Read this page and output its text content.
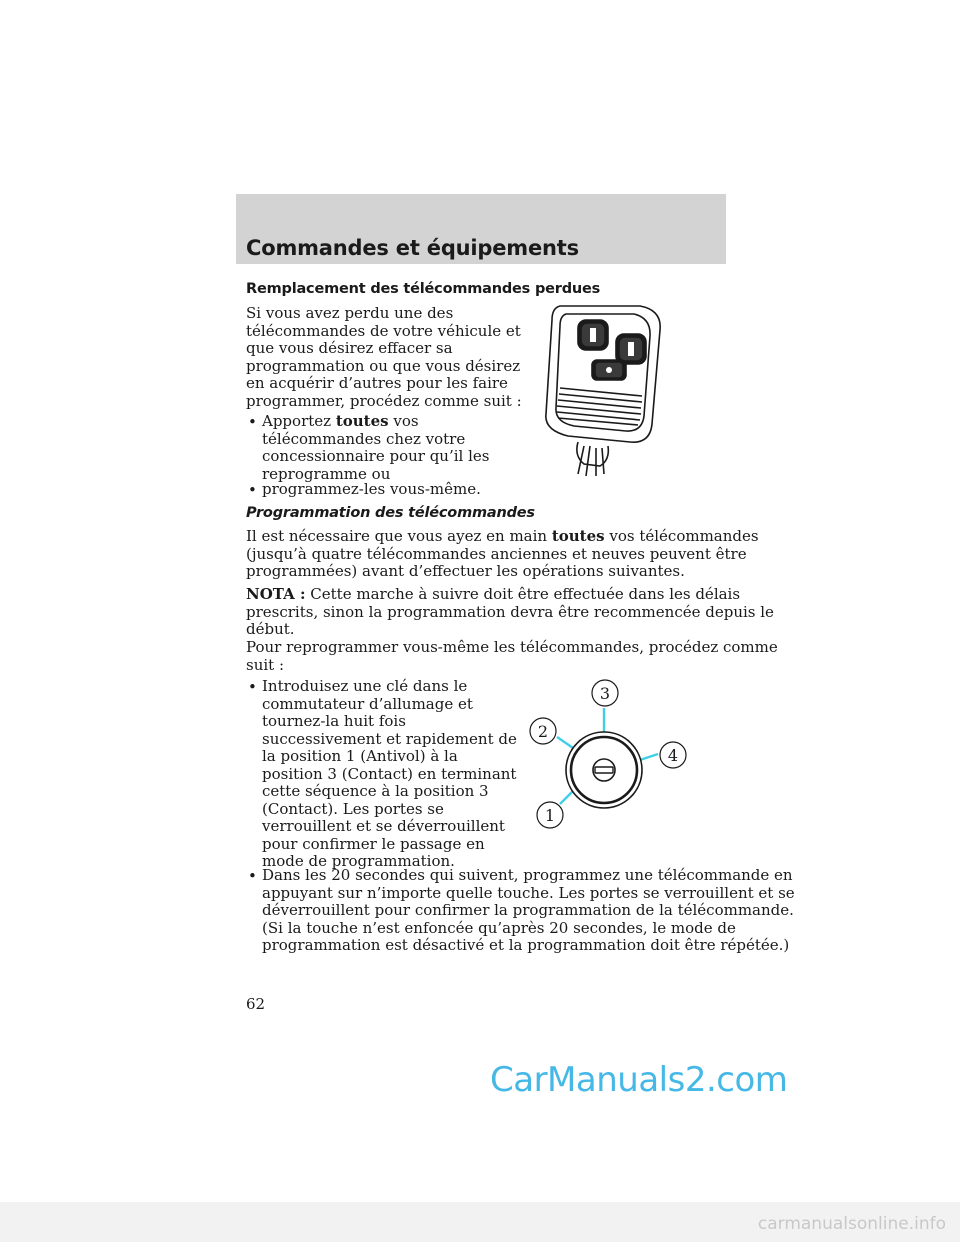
Commandes et équipements
Remplacement des télécommandes perdues
Si vous avez perdu une des
télécommandes de votre véhicule et
que vous désirez effacer sa
programmation ou que vous désirez
en acquérir d’autres pour les faire
programmer, procédez comme suit :
• Apportez toutes vos
télécommandes chez votre
concessionnaire pour qu’il les
reprogramme ou
• programmez-les vous-même.
Programmation des télécommandes
Il est nécessaire que vous ayez en main toutes vos télécommandes
(jusqu’à quatre télécommandes anciennes et neuves peuvent être
programmées) avant d’effectuer les opérations suivantes.
NOTA : Cette marche à suivre doit être effectuée dans les délais
prescrits, sinon la programmation devra être recommencée depuis le
début.
Pour reprogrammer vous-même les télécommandes, procédez comme
suit :
• Introduisez une clé dans le
commutateur d’allumage et
tournez-la huit fois
successivement et rapidement de
la position 1 (Antivol) à la
position 3 (Contact) en terminant
cette séquence à la position 3
(Contact). Les portes se
verrouillent et se déverrouillent
pour confirmer le passage en
mode de programmation.
1
2
3
4
• Dans les 20 secondes qui suivent, programmez une télécommande en
appuyant sur n’importe quelle touche. Les portes se verrouillent et se
déverrouillent pour confirmer la programmation de la télécommande.
(Si la touche n’est enfoncée qu’après 20 secondes, le mode de
programmation est désactivé et la programmation doit être répétée.)
62
CarManuals2.com
carmanualsonline.info
